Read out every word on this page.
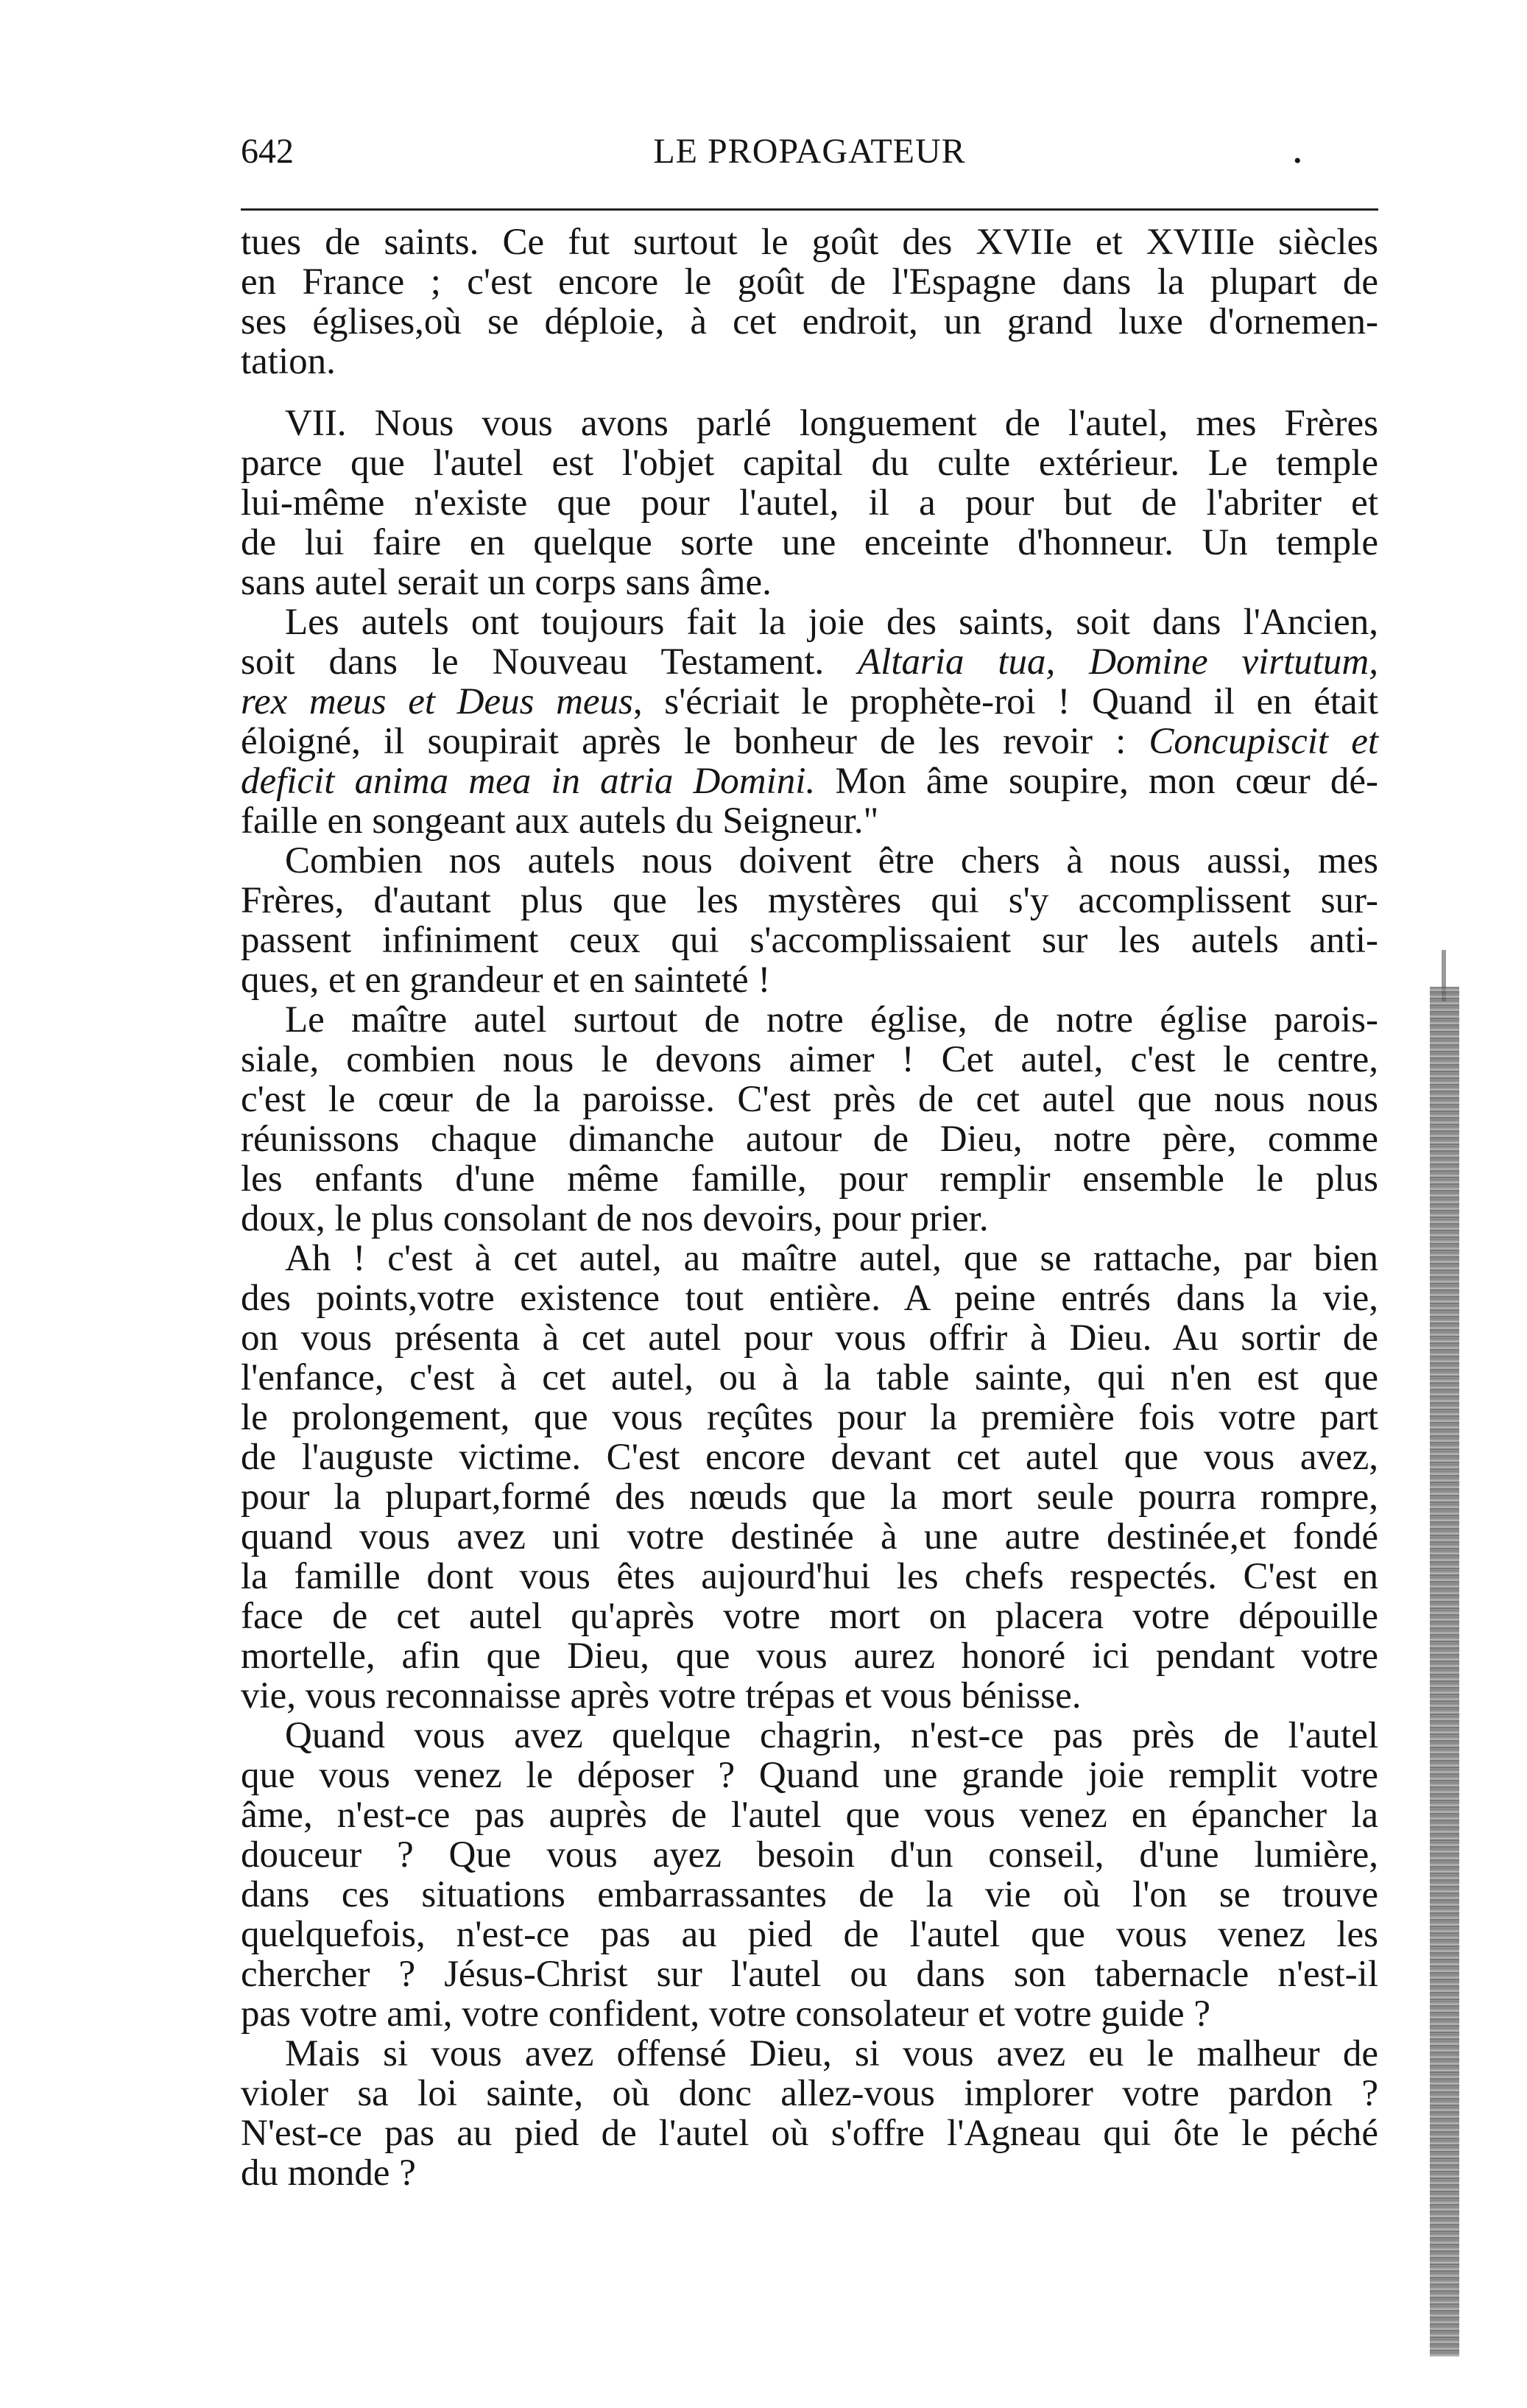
642	LE PROPAGATEUR	•
tues de saints. Ce fut surtout le goût des XVIIe et XVIIIe siècles
en France ; c'est encore le goût de l'Espagne dans la plupart de
ses églises,où se déploie, à cet endroit, un grand luxe d'ornemen-
tation.
VII. Nous vous avons parlé longuement de l'autel, mes Frères
parce que l'autel est l'objet capital du culte extérieur. Le temple
lui-même n'existe que pour l'autel, il a pour but de l'abriter et
de lui faire en quelque sorte une enceinte d'honneur. Un temple
sans autel serait un corps sans âme.
Les autels ont toujours fait la joie des saints, soit dans l'Ancien,
soit dans le Nouveau Testament. Altaria tua, Domine virtutum,
rex meus et Deus meus, s'écriait le prophète-roi ! Quand il en était
éloigné, il soupirait après le bonheur de les revoir : Concupiscit et
deficit anima mea in atria Domini. Mon âme soupire, mon cœur dé-
faille en songeant aux autels du Seigneur."
Combien nos autels nous doivent être chers à nous aussi, mes
Frères, d'autant plus que les mystères qui s'y accomplissent sur-
passent infiniment ceux qui s'accomplissaient sur les autels anti-
ques, et en grandeur et en sainteté !
Le maître autel surtout de notre église, de notre église parois-
siale, combien nous le devons aimer ! Cet autel, c'est le centre,
c'est le cœur de la paroisse. C'est près de cet autel que nous nous
réunissons chaque dimanche autour de Dieu, notre père, comme
les enfants d'une même famille, pour remplir ensemble le plus
doux, le plus consolant de nos devoirs, pour prier.
Ah ! c'est à cet autel, au maître autel, que se rattache, par bien
des points,votre existence tout entière. A peine entrés dans la vie,
on vous présenta à cet autel pour vous offrir à Dieu. Au sortir de
l'enfance, c'est à cet autel, ou à la table sainte, qui n'en est que
le prolongement, que vous reçûtes pour la première fois votre part
de l'auguste victime. C'est encore devant cet autel que vous avez,
pour la plupart,formé des nœuds que la mort seule pourra rompre,
quand vous avez uni votre destinée à une autre destinée,et fondé
la famille dont vous êtes aujourd'hui les chefs respectés. C'est en
face de cet autel qu'après votre mort on placera votre dépouille
mortelle, afin que Dieu, que vous aurez honoré ici pendant votre
vie, vous reconnaisse après votre trépas et vous bénisse.
Quand vous avez quelque chagrin, n'est-ce pas près de l'autel
que vous venez le déposer ? Quand une grande joie remplit votre
âme, n'est-ce pas auprès de l'autel que vous venez en épancher la
douceur ? Que vous ayez besoin d'un conseil, d'une lumière,
dans ces situations embarrassantes de la vie où l'on se trouve
quelquefois, n'est-ce pas au pied de l'autel que vous venez les
chercher ? Jésus-Christ sur l'autel ou dans son tabernacle n'est-il
pas votre ami, votre confident, votre consolateur et votre guide ?
Mais si vous avez offensé Dieu, si vous avez eu le malheur de
violer sa loi sainte, où donc allez-vous implorer votre pardon ?
N'est-ce pas au pied de l'autel où s'offre l'Agneau qui ôte le péché
du monde ?
